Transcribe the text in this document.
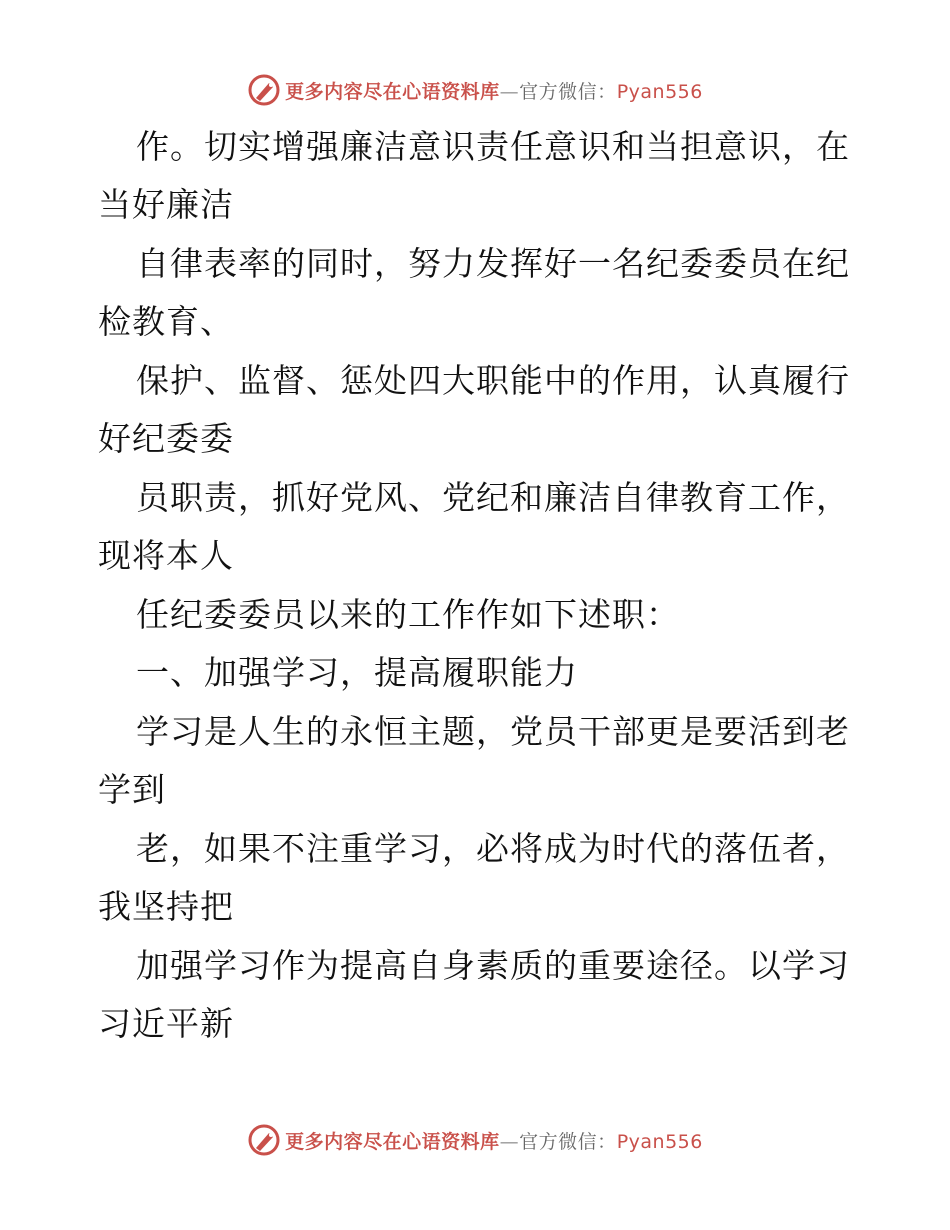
更多内容尽在心语资料库—官方微信：Pyan556
作。切实增强廉洁意识责任意识和当担意识，在
当好廉洁
自律表率的同时，努力发挥好一名纪委委员在纪
检教育、
保护、监督、惩处四大职能中的作用，认真履行
好纪委委
员职责，抓好党风、党纪和廉洁自律教育工作，
现将本人
任纪委委员以来的工作作如下述职：
一、加强学习，提高履职能力
学习是人生的永恒主题，党员干部更是要活到老
学到
老，如果不注重学习，必将成为时代的落伍者，
我坚持把
加强学习作为提高自身素质的重要途径。以学习
习近平新
更多内容尽在心语资料库—官方微信：Pyan556
